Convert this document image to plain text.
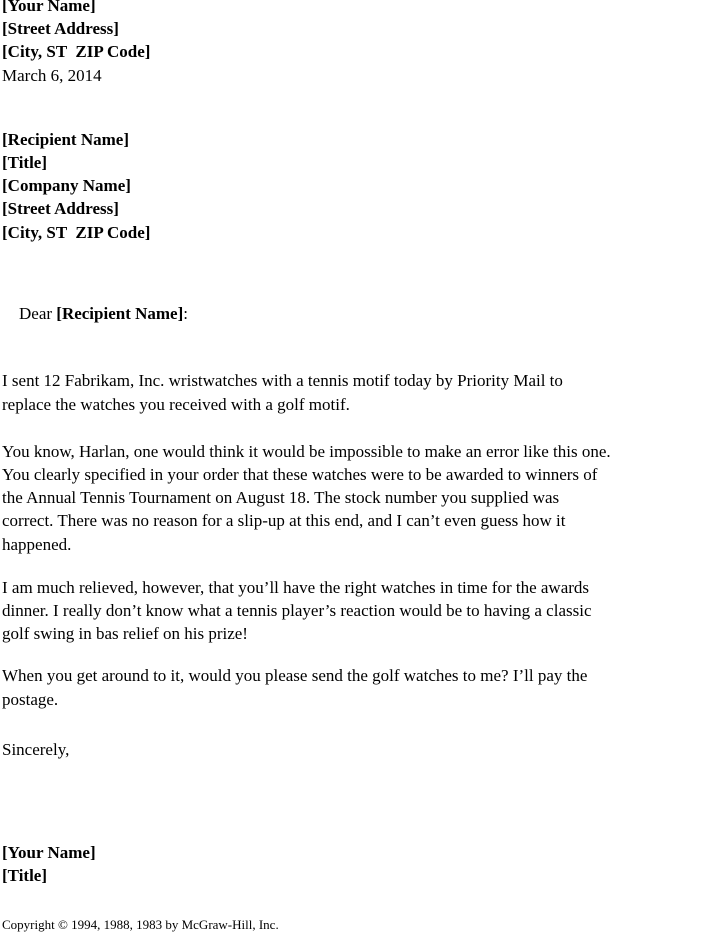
[Your Name]
[Street Address]
[City, ST  ZIP Code]
March 6, 2014
[Recipient Name]
[Title]
[Company Name]
[Street Address]
[City, ST  ZIP Code]

Dear [Recipient Name]:

I sent 12 Fabrikam, Inc. wristwatches with a tennis motif today by Priority Mail to
replace the watches you received with a golf motif.
You know, Harlan, one would think it would be impossible to make an error like this one.
You clearly specified in your order that these watches were to be awarded to winners of
the Annual Tennis Tournament on August 18. The stock number you supplied was
correct. There was no reason for a slip-up at this end, and I can’t even guess how it
happened.
I am much relieved, however, that you’ll have the right watches in time for the awards
dinner. I really don’t know what a tennis player’s reaction would be to having a classic
golf swing in bas relief on his prize!
When you get around to it, would you please send the golf watches to me? I’ll pay the
postage.
Sincerely,
[Your Name]
[Title]
Copyright © 1994, 1988, 1983 by McGraw-Hill, Inc.
